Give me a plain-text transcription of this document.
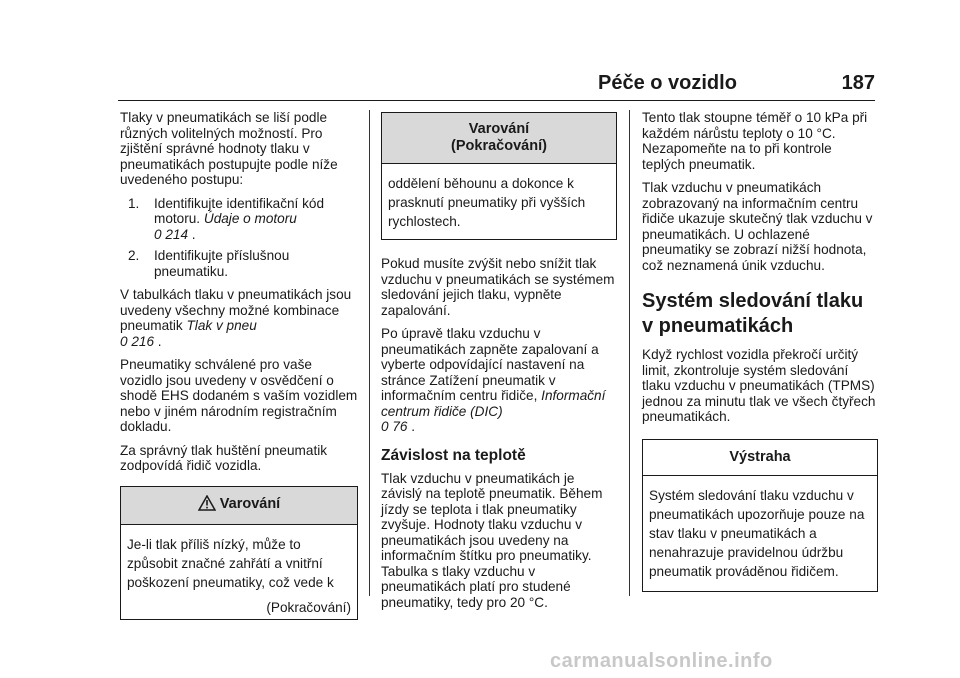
Péče o vozidlo	187

Tlaky v pneumatikách se liší podle různých volitelných možností. Pro zjištění správné hodnoty tlaku v pneumatikách postupujte podle níže uvedeného postupu:

1. Identifikujte identifikační kód motoru. Údaje o motoru
0 214 .
2. Identifikujte příslušnou pneumatiku.

V tabulkách tlaku v pneumatikách jsou uvedeny všechny možné kombinace pneumatik Tlak v pneu
0 216 .

Pneumatiky schválené pro vaše vozidlo jsou uvedeny v osvědčení o shodě EHS dodaném s vaším vozidlem nebo v jiném národním registračním dokladu.

Za správný tlak huštění pneumatik zodpovídá řidič vozidla.

Varování
Je-li tlak příliš nízký, může to způsobit značné zahřátí a vnitřní poškození pneumatiky, což vede k
(Pokračování)
Varování
(Pokračování)
oddělení běhounu a dokonce k prasknutí pneumatiky při vyšších rychlostech.

Pokud musíte zvýšit nebo snížit tlak vzduchu v pneumatikách se systémem sledování jejich tlaku, vypněte zapalování.

Po úpravě tlaku vzduchu v pneumatikách zapněte zapalovaní a vyberte odpovídající nastavení na stránce Zatížení pneumatik v informačním centru řidiče, Informační centrum řidiče (DIC)
0 76 .

Závislost na teplotě

Tlak vzduchu v pneumatikách je závislý na teplotě pneumatik. Během jízdy se teplota i tlak pneumatiky zvyšuje. Hodnoty tlaku vzduchu v pneumatikách jsou uvedeny na informačním štítku pro pneumatiky. Tabulka s tlaky vzduchu v pneumatikách platí pro studené pneumatiky, tedy pro 20 °C.

Tento tlak stoupne téměř o 10 kPa při každém nárůstu teploty o 10 °C. Nezapomeňte na to při kontrole teplých pneumatik.

Tlak vzduchu v pneumatikách zobrazovaný na informačním centru řidiče ukazuje skutečný tlak vzduchu v pneumatikách. U ochlazené pneumatiky se zobrazí nižší hodnota, což neznamená únik vzduchu.

Systém sledování tlaku v pneumatikách

Když rychlost vozidla překročí určitý limit, zkontroluje systém sledování tlaku vzduchu v pneumatikách (TPMS) jednou za minutu tlak ve všech čtyřech pneumatikách.

Výstraha
Systém sledování tlaku vzduchu v pneumatikách upozorňuje pouze na stav tlaku v pneumatikách a nenahrazuje pravidelnou údržbu pneumatik prováděnou řidičem.
carmanualsonline.info
